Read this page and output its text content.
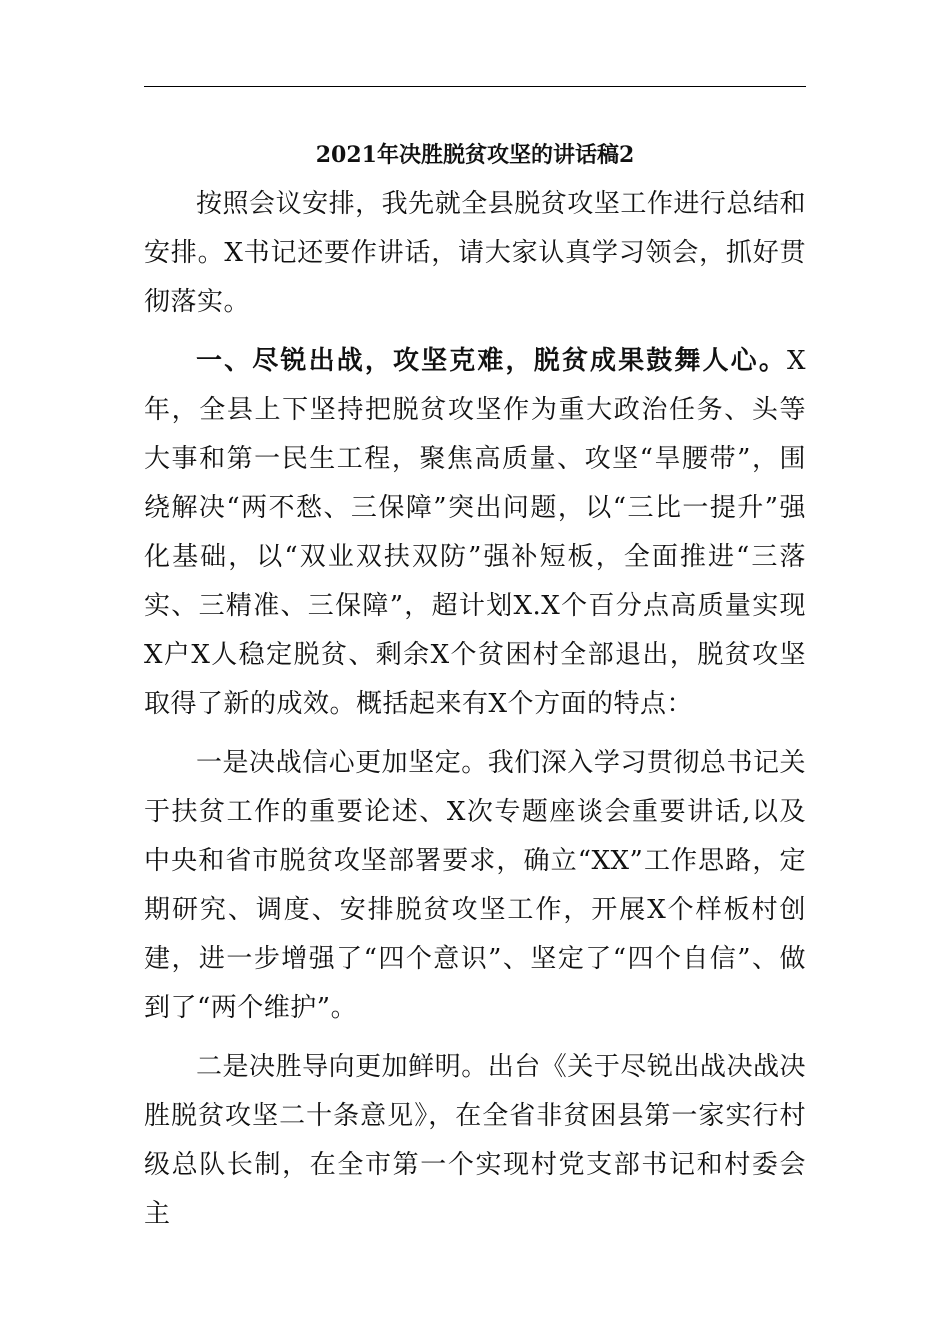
2021年决胜脱贫攻坚的讲话稿2

按照会议安排，我先就全县脱贫攻坚工作进行总结和安排。X书记还要作讲话，请大家认真学习领会，抓好贯彻落实。

一、尽锐出战，攻坚克难，脱贫成果鼓舞人心。X年，全县上下坚持把脱贫攻坚作为重大政治任务、头等大事和第一民生工程，聚焦高质量、攻坚“旱腰带”，围绕解决“两不愁、三保障”突出问题，以“三比一提升”强化基础，以“双业双扶双防”强补短板，全面推进“三落实、三精准、三保障”，超计划X.X个百分点高质量实现X户X人稳定脱贫、剩余X个贫困村全部退出，脱贫攻坚取得了新的成效。概括起来有X个方面的特点：

一是决战信心更加坚定。我们深入学习贯彻总书记关于扶贫工作的重要论述、X次专题座谈会重要讲话,以及中央和省市脱贫攻坚部署要求，确立“XX”工作思路，定期研究、调度、安排脱贫攻坚工作，开展X个样板村创建，进一步增强了“四个意识”、坚定了“四个自信”、做到了“两个维护”。

二是决胜导向更加鲜明。出台《关于尽锐出战决战决胜脱贫攻坚二十条意见》，在全省非贫困县第一家实行村级总队长制，在全市第一个实现村党支部书记和村委会主
